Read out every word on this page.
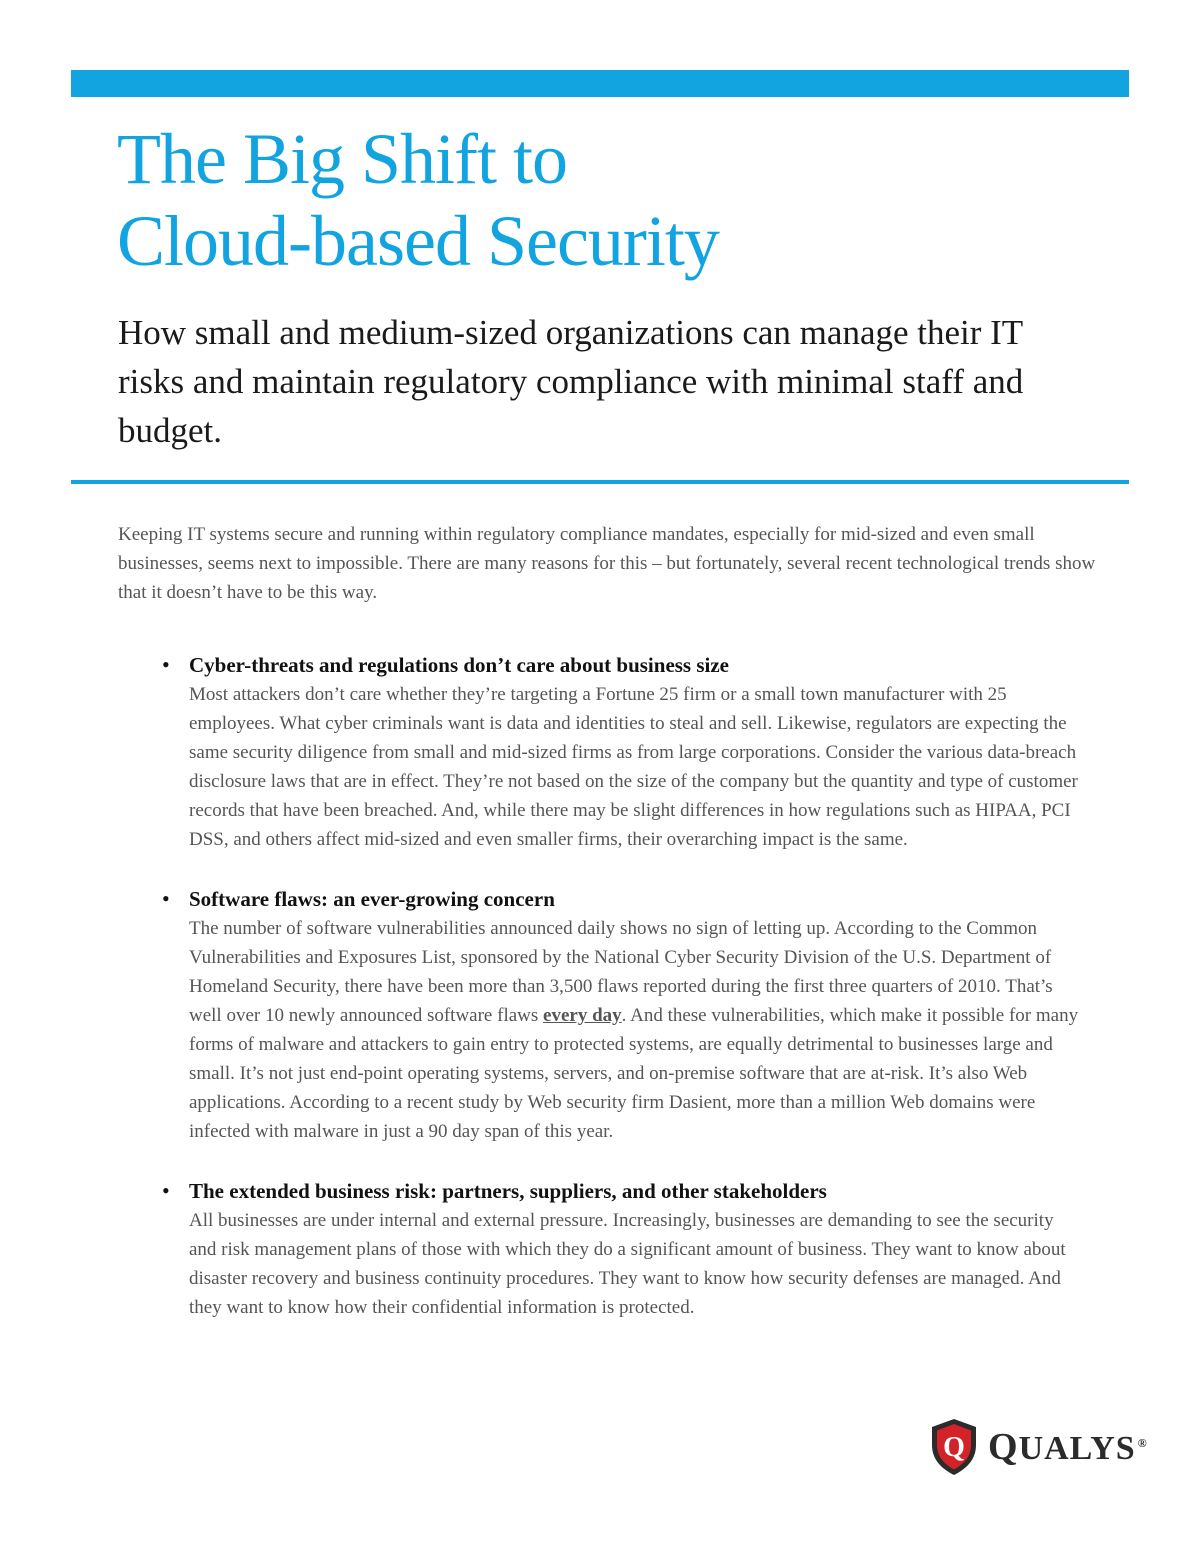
The Big Shift to
Cloud-based Security
How small and medium-sized organizations can manage their IT risks and maintain regulatory compliance with minimal staff and budget.

Keeping IT systems secure and running within regulatory compliance mandates, especially for mid-sized and even small businesses, seems next to impossible. There are many reasons for this – but fortunately, several recent technological trends show that it doesn’t have to be this way.

• Cyber-threats and regulations don’t care about business size
Most attackers don’t care whether they’re targeting a Fortune 25 firm or a small town manufacturer with 25 employees. What cyber criminals want is data and identities to steal and sell. Likewise, regulators are expecting the same security diligence from small and mid-sized firms as from large corporations. Consider the various data-breach disclosure laws that are in effect. They’re not based on the size of the company but the quantity and type of customer records that have been breached. And, while there may be slight differences in how regulations such as HIPAA, PCI DSS, and others affect mid-sized and even smaller firms, their overarching impact is the same.
• Software flaws: an ever-growing concern
The number of software vulnerabilities announced daily shows no sign of letting up. According to the Common Vulnerabilities and Exposures List, sponsored by the National Cyber Security Division of the U.S. Department of Homeland Security, there have been more than 3,500 flaws reported during the first three quarters of 2010. That’s well over 10 newly announced software flaws every day. And these vulnerabilities, which make it possible for many forms of malware and attackers to gain entry to protected systems, are equally detrimental to businesses large and small. It’s not just end-point operating systems, servers, and on-premise software that are at-risk. It’s also Web applications. According to a recent study by Web security firm Dasient, more than a million Web domains were infected with malware in just a 90 day span of this year.
• The extended business risk: partners, suppliers, and other stakeholders
All businesses are under internal and external pressure. Increasingly, businesses are demanding to see the security and risk management plans of those with which they do a significant amount of business. They want to know about disaster recovery and business continuity procedures. They want to know how security defenses are managed. And they want to know how their confidential information is protected.
Q QUALYS ®
